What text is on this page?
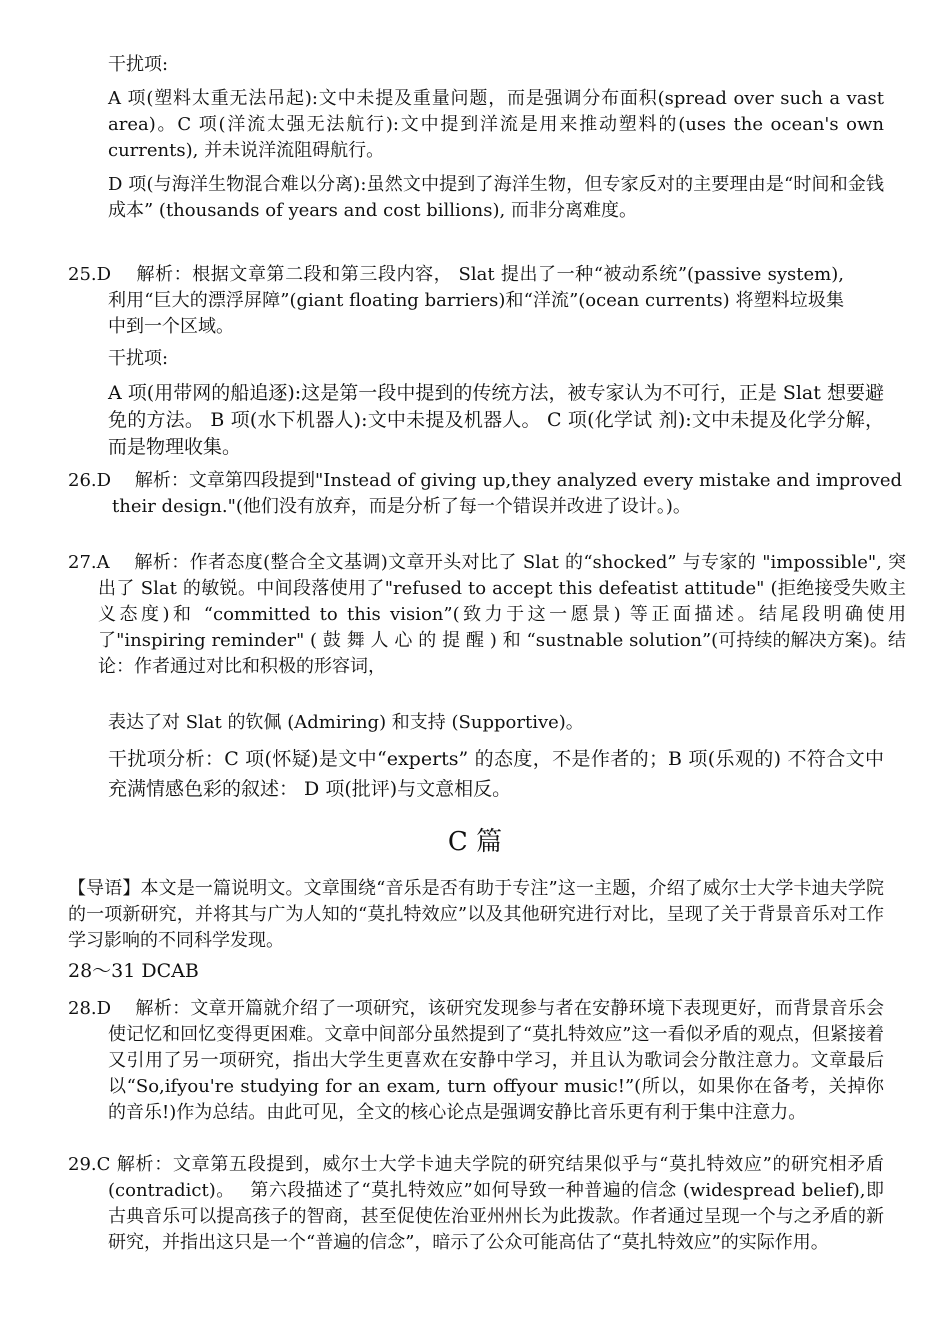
干扰项:

A 项(塑料太重无法吊起):文中未提及重量问题，而是强调分布面积(spread over such a vast area)。C 项(洋流太强无法航行):文中提到洋流是用来推动塑料的(uses the ocean's own currents), 并未说洋流阻碍航行。

D 项(与海洋生物混合难以分离):虽然文中提到了海洋生物，但专家反对的主要理由是“时间和金钱成本” (thousands of years and cost billions), 而非分离难度。

25.D　 解析：根据文章第二段和第三段内容， Slat 提出了一种“被动系统”(passive system), 利用“巨大的漂浮屏障”(giant floating barriers)和“洋流”(ocean currents) 将塑料垃圾集中到一个区域。

干扰项:

A 项(用带网的船追逐):这是第一段中提到的传统方法，被专家认为不可行，正是 Slat 想要避免的方法。 B 项(水下机器人):文中未提及机器人。 C 项(化学试 剂):文中未提及化学分解，而是物理收集。

26.D　 解析：文章第四段提到"Instead of giving up,they analyzed every mistake and improved their design."(他们没有放弃，而是分析了每一个错误并改进了设计。)。

27.A　 解析：作者态度(整合全文基调)文章开头对比了 Slat 的“shocked” 与专家的 "impossible", 突出了 Slat 的敏锐。中间段落使用了"refused to accept this defeatist attitude" (拒绝接受失败主义态度)和 “committed to this vision”(致力于这一愿景) 等正面描述。结尾段明确使用了"inspiring reminder" ( 鼓 舞 人 心 的 提 醒 ) 和 “sustnable solution”(可持续的解决方案)。结论：作者通过对比和积极的形容词，

表达了对 Slat 的钦佩 (Admiring) 和支持 (Supportive)。

干扰项分析：C 项(怀疑)是文中“experts” 的态度，不是作者的；B 项(乐观的) 不符合文中充满情感色彩的叙述： D 项(批评)与文意相反。

C 篇

【导语】本文是一篇说明文。文章围绕“音乐是否有助于专注”这一主题，介绍了威尔士大学卡迪夫学院的一项新研究，并将其与广为人知的“莫扎特效应”以及其他研究进行对比，呈现了关于背景音乐对工作学习影响的不同科学发现。

28～31 DCAB

28.D　 解析：文章开篇就介绍了一项研究，该研究发现参与者在安静环境下表现更好，而背景音乐会使记忆和回忆变得更困难。文章中间部分虽然提到了“莫扎特效应”这一看似矛盾的观点，但紧接着又引用了另一项研究，指出大学生更喜欢在安静中学习，并且认为歌词会分散注意力。文章最后以“So,ifyou're studying for an exam, turn offyour music!”(所以，如果你在备考，关掉你的音乐!)作为总结。由此可见，全文的核心论点是强调安静比音乐更有利于集中注意力。

29.C 解析：文章第五段提到，威尔士大学卡迪夫学院的研究结果似乎与“莫扎特效应”的研究相矛盾 (contradict)。　 第六段描述了“莫扎特效应”如何导致一种普遍的信念 (widespread belief),即古典音乐可以提高孩子的智商，甚至促使佐治亚州州长为此拨款。作者通过呈现一个与之矛盾的新研究，并指出这只是一个“普遍的信念”，暗示了公众可能高估了“莫扎特效应”的实际作用。
